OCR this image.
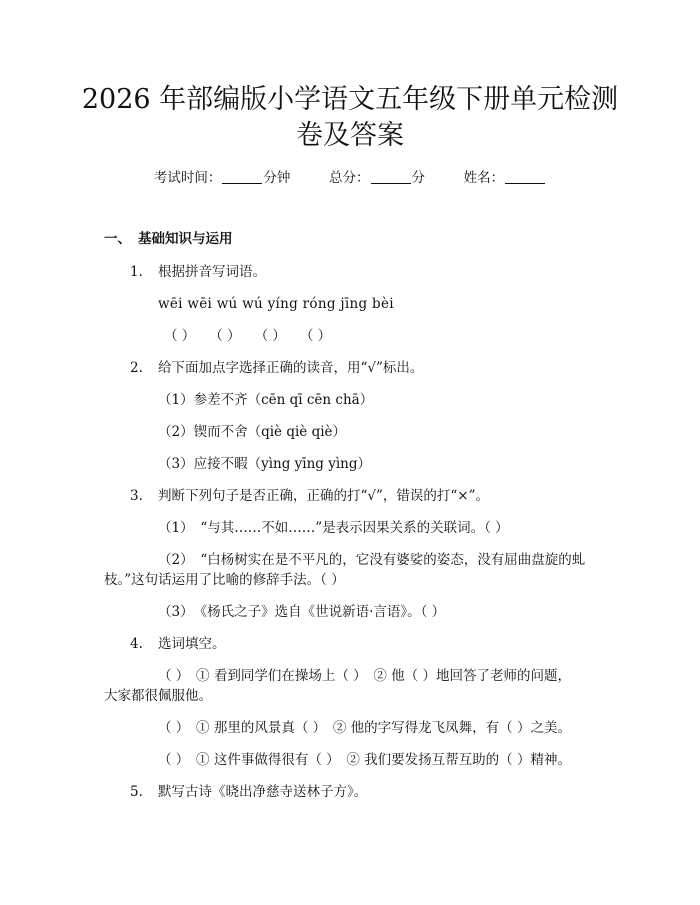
2026 年部编版小学语文五年级下册单元检测
卷及答案
考试时间：	分钟	总分：	分	姓名：
一、 基础知识与运用
1. 根据拼音写词语。
wēi wēi wú wú yíng róng jīng bèi
（ ） （ ） （ ） （ ）
2. 给下面加点字选择正确的读音，用“√”标出。
（1）参差不齐（cēn qī cēn chā）
（2）锲而不舍（qiè qiè qiè）
（3）应接不暇（yìng yīng yìng）
3. 判断下列句子是否正确，正确的打“√”，错误的打“×”。
（1）　“与其……不如……”是表示因果关系的关联词。（ ）
（2）　“白杨树实在是不平凡的，它没有婆娑的姿态，没有屈曲盘旋的虬
枝。”这句话运用了比喻的修辞手法。（ ）
（3）　《杨氏之子》选自《世说新语·言语》。（ ）
4. 选词填空。
（ ）　① 看到同学们在操场上（ ）　② 他（ ）地回答了老师的问题，
大家都很佩服他。
（ ）　① 那里的风景真（ ）　② 他的字写得龙飞凤舞，有（ ）之美。
（ ）　① 这件事做得很有（ ）　② 我们要发扬互帮互助的（ ）精神。
5. 默写古诗《晓出净慈寺送林子方》。
